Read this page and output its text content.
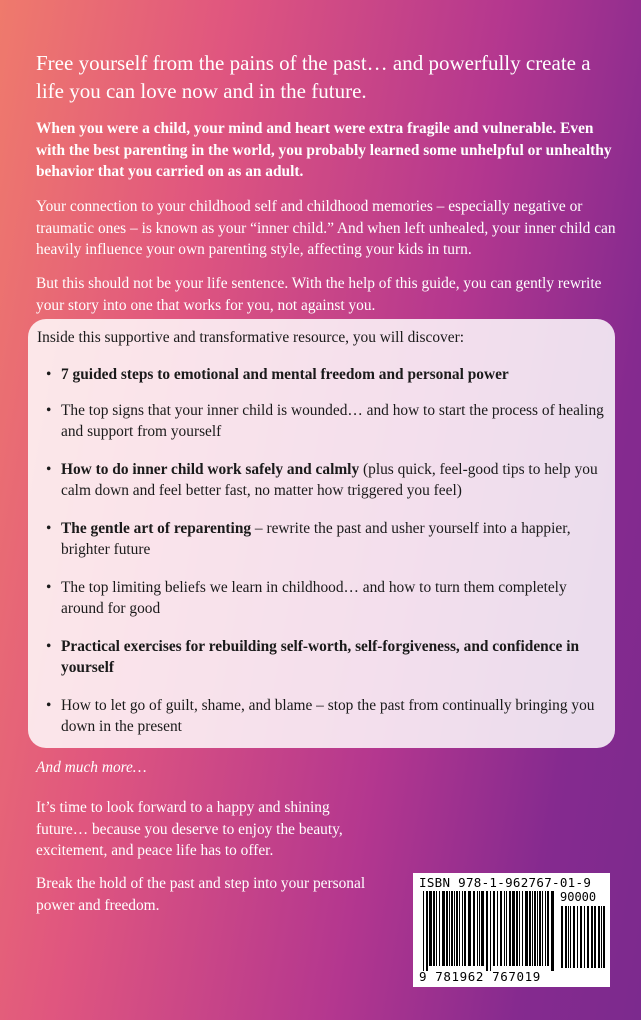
Free yourself from the pains of the past… and powerfully create a life you can love now and in the future.

When you were a child, your mind and heart were extra fragile and vulnerable. Even with the best parenting in the world, you probably learned some unhelpful or unhealthy behavior that you carried on as an adult.

Your connection to your childhood self and childhood memories – especially negative or traumatic ones – is known as your “inner child.” And when left unhealed, your inner child can heavily influence your own parenting style, affecting your kids in turn.

But this should not be your life sentence. With the help of this guide, you can gently rewrite your story into one that works for you, not against you.

Inside this supportive and transformative resource, you will discover:

• 7 guided steps to emotional and mental freedom and personal power
• The top signs that your inner child is wounded… and how to start the process of healing and support from yourself
• How to do inner child work safely and calmly (plus quick, feel-good tips to help you calm down and feel better fast, no matter how triggered you feel)
• The gentle art of reparenting – rewrite the past and usher yourself into a happier, brighter future
• The top limiting beliefs we learn in childhood… and how to turn them completely around for good
• Practical exercises for rebuilding self-worth, self-forgiveness, and confidence in yourself
• How to let go of guilt, shame, and blame – stop the past from continually bringing you down in the present

And much more…

It’s time to look forward to a happy and shining future… because you deserve to enjoy the beauty, excitement, and peace life has to offer.

Break the hold of the past and step into your personal power and freedom.

ISBN 978-1-962767-01-9

90000

9 781962 767019
